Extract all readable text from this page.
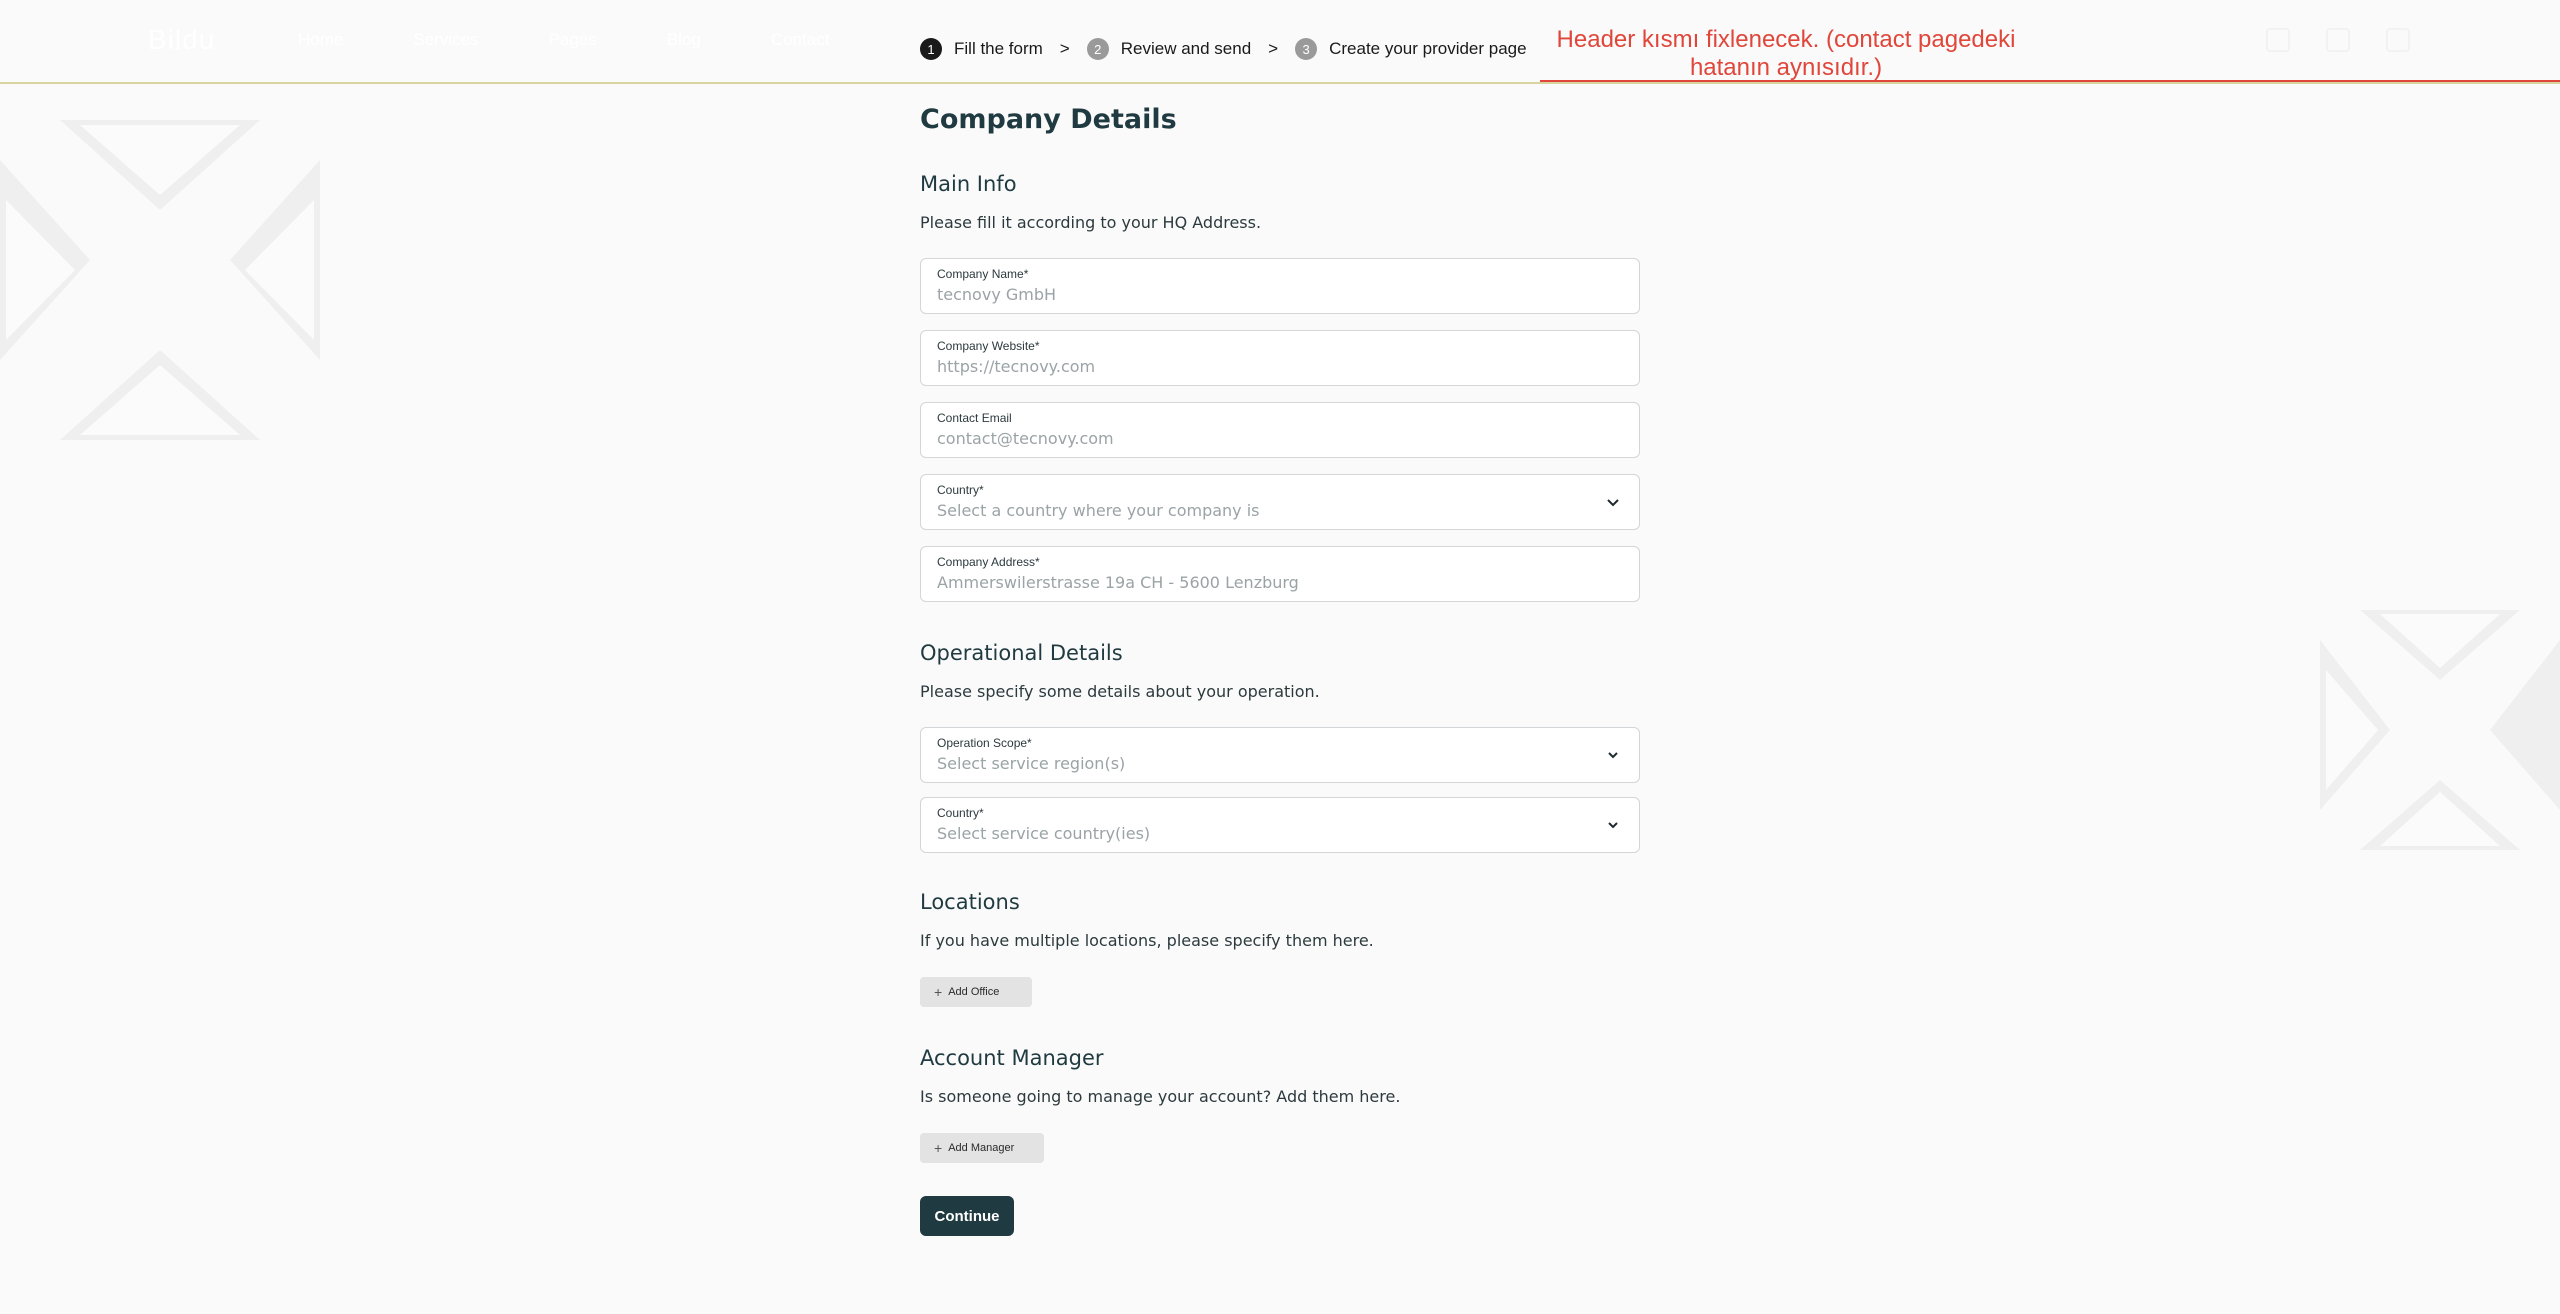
Bildu	Home	Services	Pages	Blog	Contact	1	Fill the form >	2	Review and send >	3	Create your provider page	Header kısmı fixlenecek. (contact pagedeki hatanın aynısıdır.)
Company Details
Main Info
Please fill it according to your HQ Address.
Company Name*
tecnovy GmbH
Company Website*
https://tecnovy.com
Contact Email
contact@tecnovy.com
Country*
Select a country where your company is
Company Address*
Ammerswilerstrasse 19a CH - 5600 Lenzburg
Operational Details
Please specify some details about your operation.
Operation Scope*
Select service region(s)
Country*
Select service country(ies)
Locations
If you have multiple locations, please specify them here.
+ Add Office
Account Manager
Is someone going to manage your account? Add them here.
+ Add Manager
Continue
